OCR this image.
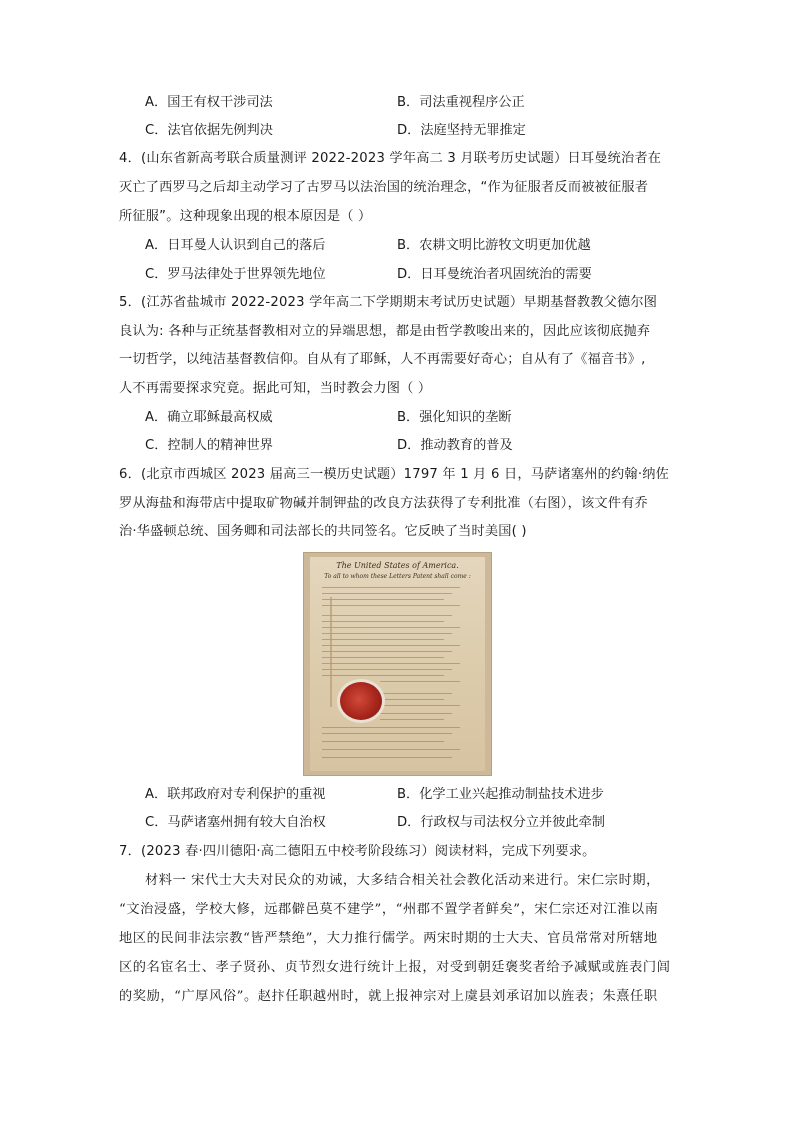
A．国王有权干涉司法	B．司法重视程序公正
C．法官依据先例判决	D．法庭坚持无罪推定
4．(山东省新高考联合质量测评 2022-2023 学年高二 3 月联考历史试题）日耳曼统治者在
灭亡了西罗马之后却主动学习了古罗马以法治国的统治理念，“作为征服者反而被被征服者
所征服”。这种现象出现的根本原因是（ ）
A．日耳曼人认识到自己的落后	B．农耕文明比游牧文明更加优越
C．罗马法律处于世界领先地位	D．日耳曼统治者巩固统治的需要
5．(江苏省盐城市 2022-2023 学年高二下学期期末考试历史试题）早期基督教教父德尔图
良认为: 各种与正统基督教相对立的异端思想，都是由哲学教唆出来的，因此应该彻底抛弃
一切哲学，以纯洁基督教信仰。自从有了耶稣，人不再需要好奇心；自从有了《福音书》,
人不再需要探求究竟。据此可知，当时教会力图（ ）
A．确立耶稣最高权威	B．强化知识的垄断
C．控制人的精神世界	D．推动教育的普及
6．(北京市西城区 2023 届高三一模历史试题）1797 年 1 月 6 日，马萨诸塞州的约翰·纳佐
罗从海盐和海带店中提取矿物碱并制钾盐的改良方法获得了专利批准（右图），该文件有乔
治·华盛顿总统、国务卿和司法部长的共同签名。它反映了当时美国( )
The United States of America.
To all to whom these Letters Patent shall come :
A．联邦政府对专利保护的重视	B．化学工业兴起推动制盐技术进步
C．马萨诸塞州拥有较大自治权	D．行政权与司法权分立并彼此牵制
7．(2023 春·四川德阳·高二德阳五中校考阶段练习）阅读材料，完成下列要求。
材料一 宋代士大夫对民众的劝诫，大多结合相关社会教化活动来进行。宋仁宗时期，
“文治浸盛，学校大修，远郡僻邑莫不建学”，“州郡不置学者鲜矣”，宋仁宗还对江淮以南
地区的民间非法宗教“皆严禁绝”，大力推行儒学。两宋时期的士大夫、官员常常对所辖地
区的名宦名士、孝子贤孙、贞节烈女进行统计上报，对受到朝廷褒奖者给予减赋或旌表门闾
的奖励，“广厚风俗”。赵抃任职越州时，就上报神宗对上虞县刘承诏加以旌表；朱熹任职
